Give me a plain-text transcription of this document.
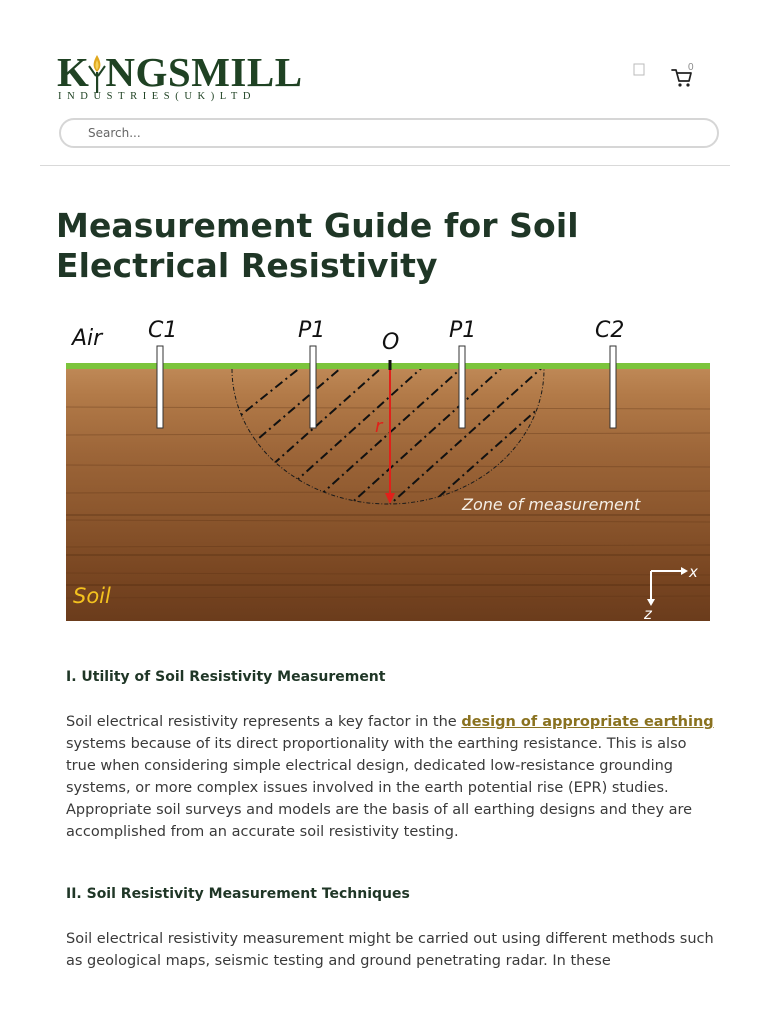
K NGSMILL
INDUSTRIES(UK)LTD
0
Search...
Measurement Guide for Soil Electrical Resistivity
Air C1	P1	O P1	C2
r
Zone of measurement
Soil
x
z
I. Utility of Soil Resistivity Measurement

Soil electrical resistivity represents a key factor in the design of appropriate earthing systems because of its direct proportionality with the earthing resistance. This is also true when considering simple electrical design, dedicated low-resistance grounding systems, or more complex issues involved in the earth potential rise (EPR) studies. Appropriate soil surveys and models are the basis of all earthing designs and they are accomplished from an accurate soil resistivity testing.

II. Soil Resistivity Measurement Techniques

Soil electrical resistivity measurement might be carried out using different methods such as geological maps, seismic testing and ground penetrating radar. In these
